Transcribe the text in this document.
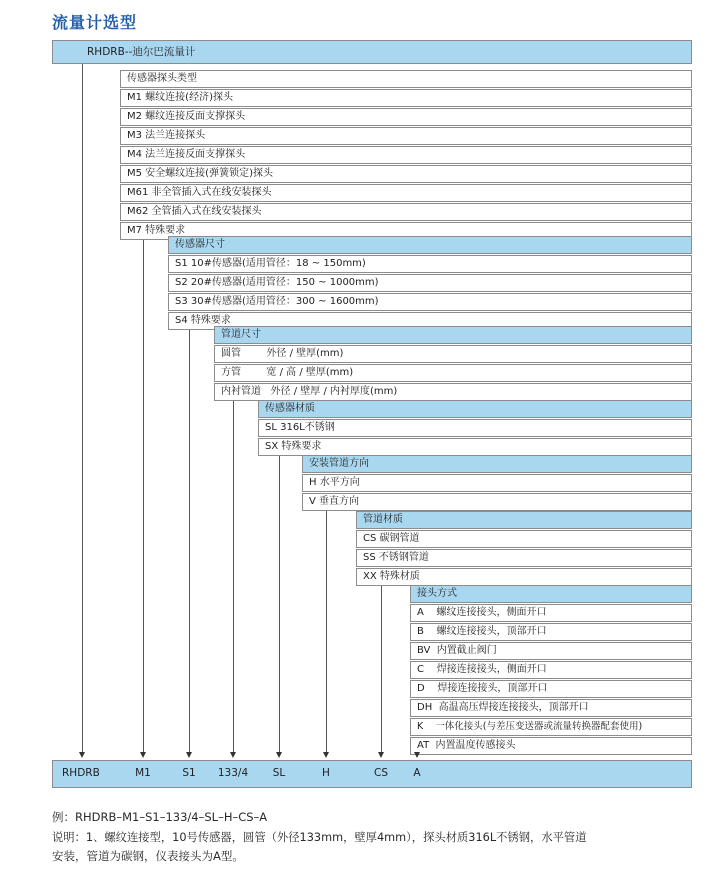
流量计选型
RHDRB--迪尔巴流量计
传感器探头类型
M1 螺纹连接(经济)探头
M2 螺纹连接反面支撑探头
M3 法兰连接探头
M4 法兰连接反面支撑探头
M5 安全螺纹连接(弹簧锁定)探头
M61 非全管插入式在线安装探头
M62 全管插入式在线安装探头
M7 特殊要求
传感器尺寸
S1 10#传感器(适用管径：18 ~ 150mm)
S2 20#传感器(适用管径：150 ~ 1000mm)
S3 30#传感器(适用管径：300 ~ 1600mm)
S4 特殊要求
管道尺寸
圆管        外径 / 壁厚(mm)
方管        宽 / 高 / 壁厚(mm)
内衬管道   外径 / 壁厚 / 内衬厚度(mm)
传感器材质
SL 316L不锈钢
SX 特殊要求
安装管道方向
H 水平方向
V 垂直方向
管道材质
CS 碳钢管道
SS 不锈钢管道
XX 特殊材质
接头方式
A    螺纹连接接头，侧面开口
B    螺纹连接接头，顶部开口
BV  内置截止阀门
C    焊接连接接头，侧面开口
D    焊接连接接头，顶部开口
DH  高温高压焊接连接接头，顶部开口
K    一体化接头(与差压变送器或流量转换器配套使用)
AT  内置温度传感接头
RHDRB	M1	S1 133/4 SL	H	CS A
例：RHDRB–M1–S1–133/4–SL–H–CS–A
说明：1、螺纹连接型，10号传感器，圆管（外径133mm，壁厚4mm），探头材质316L不锈钢，水平管道
安装，管道为碳钢，仪表接头为A型。
